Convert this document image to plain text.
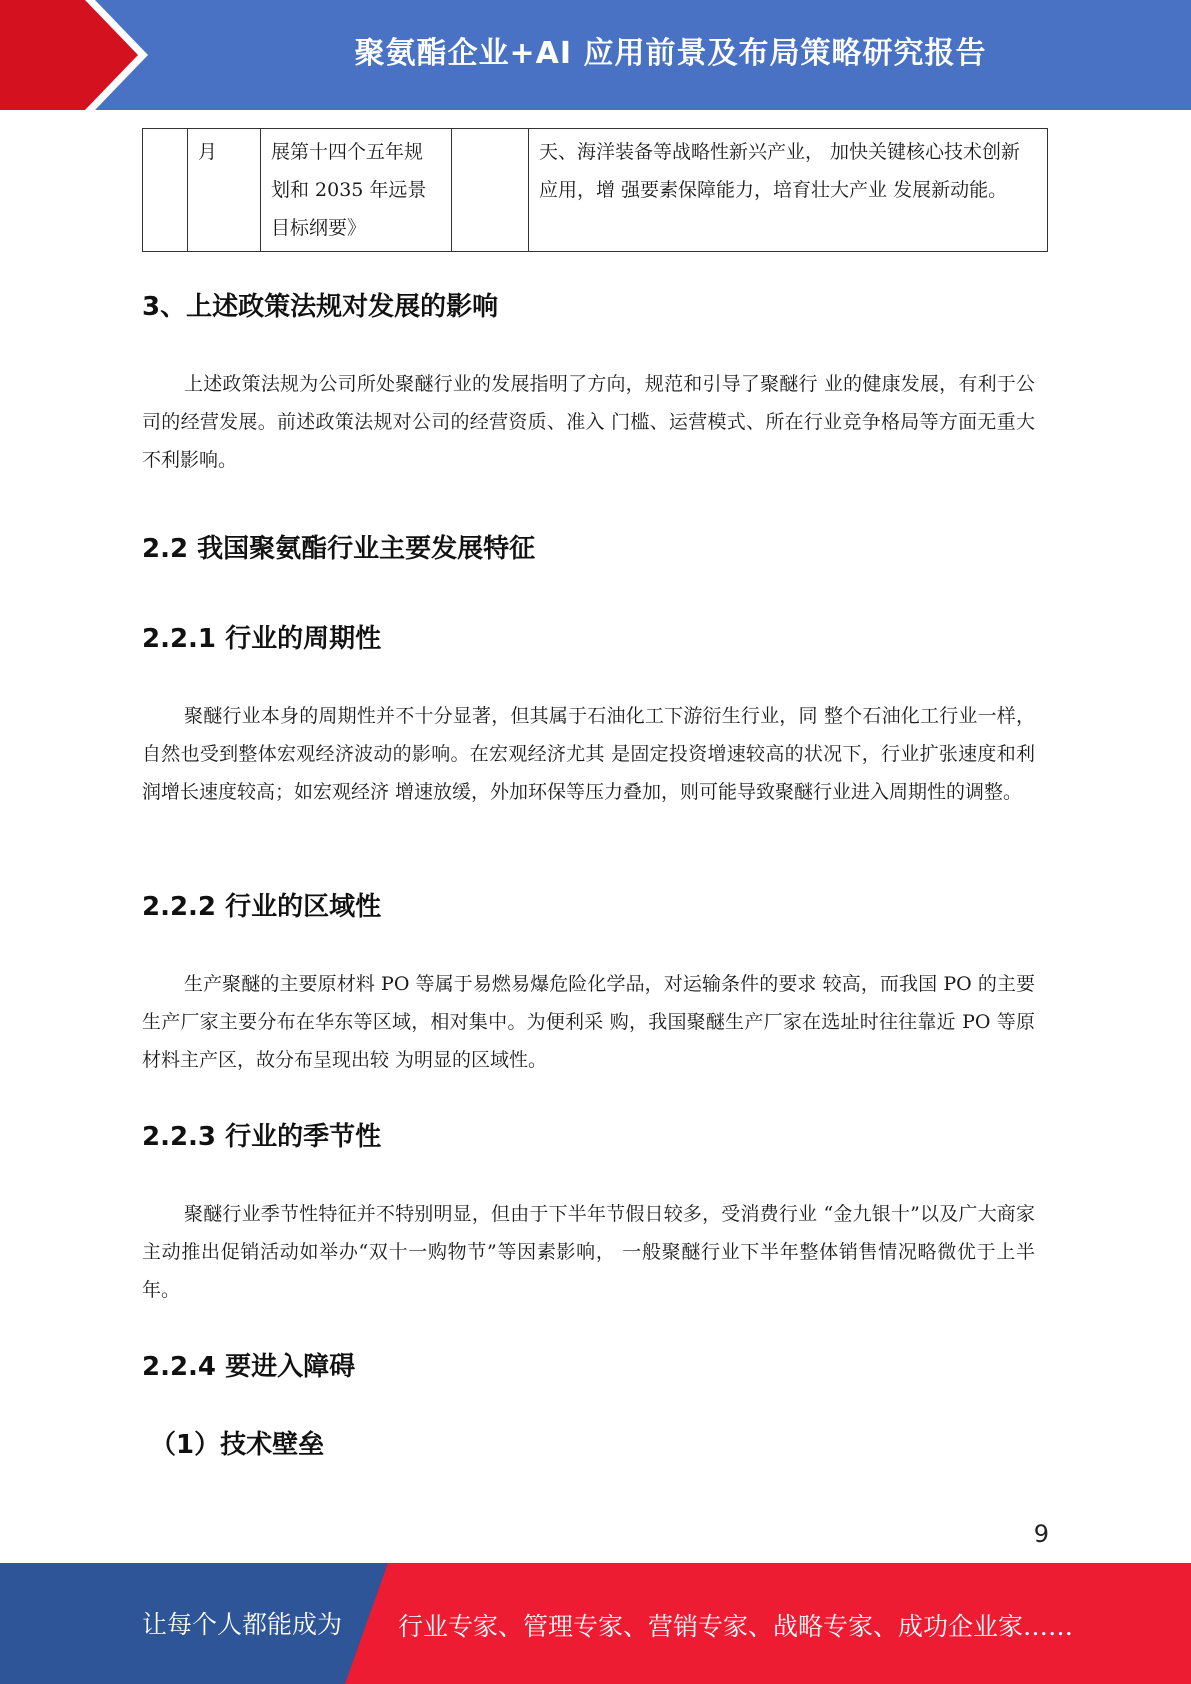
聚氨酯企业+AI 应用前景及布局策略研究报告
	月	展第十四个五年规划和 2035 年远景目标纲要》		天、海洋装备等战略性新兴产业， 加快关键核心技术创新应用，增 强要素保障能力，培育壮大产业 发展新动能。
3、上述政策法规对发展的影响

上述政策法规为公司所处聚醚行业的发展指明了方向，规范和引导了聚醚行 业的健康发展，有利于公司的经营发展。前述政策法规对公司的经营资质、准入 门槛、运营模式、所在行业竞争格局等方面无重大不利影响。

2.2 我国聚氨酯行业主要发展特征
2.2.1 行业的周期性

聚醚行业本身的周期性并不十分显著，但其属于石油化工下游衍生行业，同 整个石油化工行业一样，自然也受到整体宏观经济波动的影响。在宏观经济尤其 是固定投资增速较高的状况下，行业扩张速度和利润增长速度较高；如宏观经济 增速放缓，外加环保等压力叠加，则可能导致聚醚行业进入周期性的调整。

2.2.2 行业的区域性

生产聚醚的主要原材料 PO 等属于易燃易爆危险化学品，对运输条件的要求 较高，而我国 PO 的主要生产厂家主要分布在华东等区域，相对集中。为便利采 购，我国聚醚生产厂家在选址时往往靠近 PO 等原材料主产区，故分布呈现出较 为明显的区域性。

2.2.3 行业的季节性

聚醚行业季节性特征并不特别明显，但由于下半年节假日较多，受消费行业 “金九银十”以及广大商家主动推出促销活动如举办“双十一购物节”等因素影响， 一般聚醚行业下半年整体销售情况略微优于上半年。

2.2.4 要进入障碍
（1）技术壁垒
9
让每个人都能成为 行业专家、管理专家、营销专家、战略专家、成功企业家……
